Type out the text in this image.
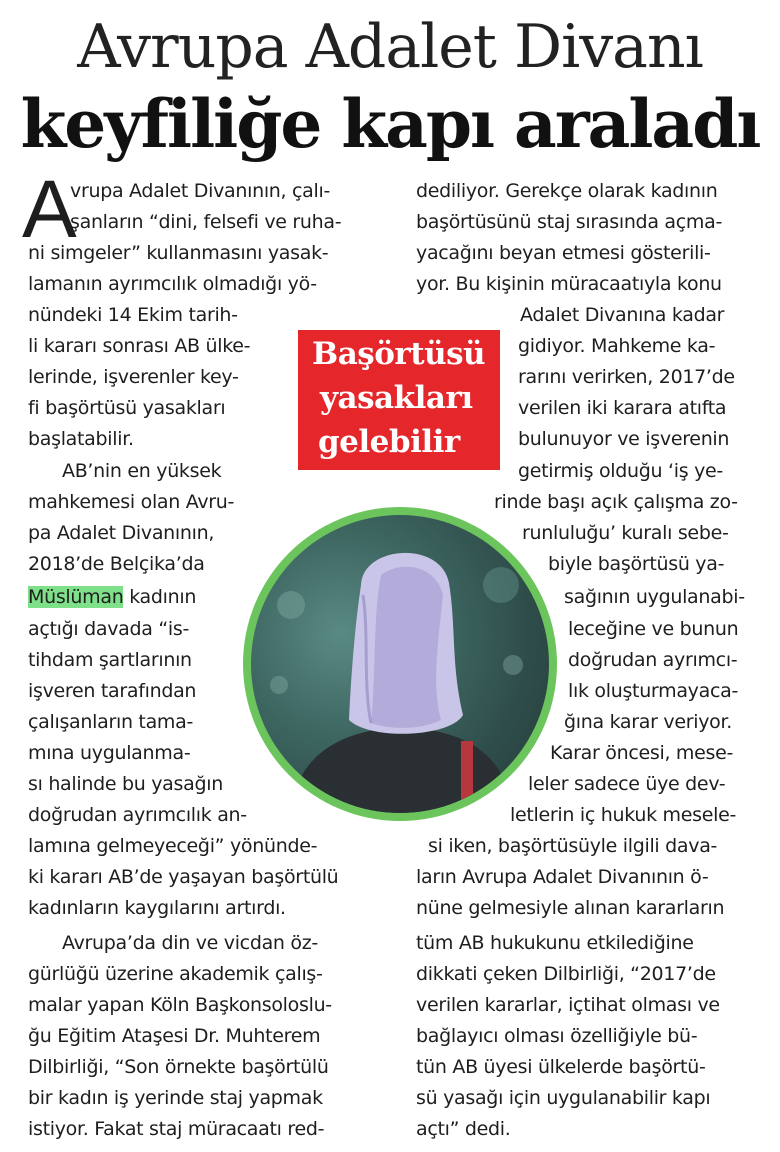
Avrupa Adalet Divanı
keyfiliğe kapı araladı
A
vrupa Adalet Divanının, çalı-
şanların “dini, felsefi ve ruha-
ni simgeler” kullanmasını yasak-
lamanın ayrımcılık olmadığı yö-
nündeki 14 Ekim tarih-
li kararı sonrası AB ülke-
lerinde, işverenler key-
fi başörtüsü yasakları
başlatabilir.
AB’nin en yüksek
mahkemesi olan Avru-
pa Adalet Divanının,
2018’de Belçika’da
Müslüman kadının
açtığı davada “is-
tihdam şartlarının
işveren tarafından
çalışanların tama-
mına uygulanma-
sı halinde bu yasağın
doğrudan ayrımcılık an-
lamına gelmeyeceği” yönünde-
ki kararı AB’de yaşayan başörtülü
kadınların kaygılarını artırdı.
Avrupa’da din ve vicdan öz-
gürlüğü üzerine akademik çalış-
malar yapan Köln Başkonsoloslu-
ğu Eğitim Ataşesi Dr. Muhterem
Dilbirliği, “Son örnekte başörtülü
bir kadın iş yerinde staj yapmak
istiyor. Fakat staj müracaatı red-
dediliyor. Gerekçe olarak kadının
başörtüsünü staj sırasında açma-
yacağını beyan etmesi gösterili-
yor. Bu kişinin müracaatıyla konu
Adalet Divanına kadar
gidiyor. Mahkeme ka-
rarını verirken, 2017’de
verilen iki karara atıfta
bulunuyor ve işverenin
getirmiş olduğu ‘iş ye-
rinde başı açık çalışma zo-
runluluğu’ kuralı sebe-
biyle başörtüsü ya-
sağının uygulanabi-
leceğine ve bunun
doğrudan ayrımcı-
lık oluşturmayaca-
ğına karar veriyor.
Karar öncesi, mese-
leler sadece üye dev-
letlerin iç hukuk mesele-
si iken, başörtüsüyle ilgili dava-
ların Avrupa Adalet Divanının ö-
nüne gelmesiyle alınan kararların
tüm AB hukukunu etkilediğine
dikkati çeken Dilbirliği, “2017’de
verilen kararlar, içtihat olması ve
bağlayıcı olması özelliğiyle bü-
tün AB üyesi ülkelerde başörtü-
sü yasağı için uygulanabilir kapı
açtı” dedi.
Başörtüsü
yasakları
gelebilir
